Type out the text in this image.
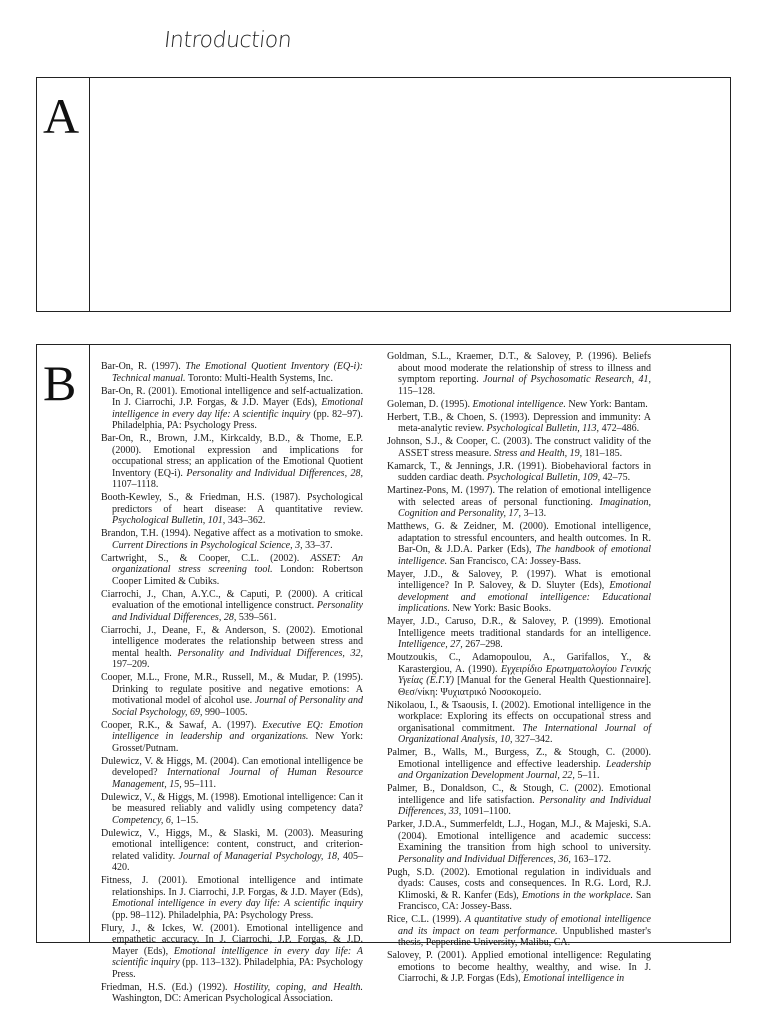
Introduction
A
B Bar-On, R. (1997). The Emotional Quotient Inventory (EQ-i): Technical manual. Toronto: Multi-Health Systems, Inc.
Bar-On, R. (2001). Emotional intelligence and self-actualization. In J. Ciarrochi, J.P. Forgas, & J.D. Mayer (Eds), Emotional intelligence in every day life: A scientific inquiry (pp. 82–97). Philadelphia, PA: Psychology Press.
Bar-On, R., Brown, J.M., Kirkcaldy, B.D., & Thome, E.P. (2000). Emotional expression and implications for occupational stress; an application of the Emotional Quotient Inventory (EQ-i). Personality and Individual Differences, 28, 1107–1118.
Booth-Kewley, S., & Friedman, H.S. (1987). Psychological predictors of heart disease: A quantitative review. Psychological Bulletin, 101, 343–362.
Brandon, T.H. (1994). Negative affect as a motivation to smoke. Current Directions in Psychological Science, 3, 33–37.
Cartwright, S., & Cooper, C.L. (2002). ASSET: An organizational stress screening tool. London: Robertson Cooper Limited & Cubiks.
Ciarrochi, J., Chan, A.Y.C., & Caputi, P. (2000). A critical evaluation of the emotional intelligence construct. Personality and Individual Differences, 28, 539–561.
Ciarrochi, J., Deane, F., & Anderson, S. (2002). Emotional intelligence moderates the relationship between stress and mental health. Personality and Individual Differences, 32, 197–209.
Cooper, M.L., Frone, M.R., Russell, M., & Mudar, P. (1995). Drinking to regulate positive and negative emotions: A motivational model of alcohol use. Journal of Personality and Social Psychology, 69, 990–1005.
Cooper, R.K., & Sawaf, A. (1997). Executive EQ: Emotion intelligence in leadership and organizations. New York: Grosset/Putnam.
Dulewicz, V. & Higgs, M. (2004). Can emotional intelligence be developed? International Journal of Human Resource Management, 15, 95–111.
Dulewicz, V., & Higgs, M. (1998). Emotional intelligence: Can it be measured reliably and validly using competency data? Competency, 6, 1–15.
Dulewicz, V., Higgs, M., & Slaski, M. (2003). Measuring emotional intelligence: content, construct, and criterion-related validity. Journal of Managerial Psychology, 18, 405–420.
Fitness, J. (2001). Emotional intelligence and intimate relationships. In J. Ciarrochi, J.P. Forgas, & J.D. Mayer (Eds), Emotional intelligence in every day life: A scientific inquiry (pp. 98–112). Philadelphia, PA: Psychology Press.
Flury, J., & Ickes, W. (2001). Emotional intelligence and empathetic accuracy. In J. Ciarrochi, J.P. Forgas, & J.D. Mayer (Eds), Emotional intelligence in every day life: A scientific inquiry (pp. 113–132). Philadelphia, PA: Psychology Press.
Friedman, H.S. (Ed.) (1992). Hostility, coping, and Health. Washington, DC: American Psychological Association.
Goldman, S.L., Kraemer, D.T., & Salovey, P. (1996). Beliefs about mood moderate the relationship of stress to illness and symptom reporting. Journal of Psychosomatic Research, 41, 115–128.
Goleman, D. (1995). Emotional intelligence. New York: Bantam.
Herbert, T.B., & Choen, S. (1993). Depression and immunity: A meta-analytic review. Psychological Bulletin, 113, 472–486.
Johnson, S.J., & Cooper, C. (2003). The construct validity of the ASSET stress measure. Stress and Health, 19, 181–185.
Kamarck, T., & Jennings, J.R. (1991). Biobehavioral factors in sudden cardiac death. Psychological Bulletin, 109, 42–75.
Martinez-Pons, M. (1997). The relation of emotional intelligence with selected areas of personal functioning. Imagination, Cognition and Personality, 17, 3–13.
Matthews, G. & Zeidner, M. (2000). Emotional intelligence, adaptation to stressful encounters, and health outcomes. In R. Bar-On, & J.D.A. Parker (Eds), The handbook of emotional intelligence. San Francisco, CA: Jossey-Bass.
Mayer, J.D., & Salovey, P. (1997). What is emotional intelligence? In P. Salovey, & D. Sluyter (Eds), Emotional development and emotional intelligence: Educational implications. New York: Basic Books.
Mayer, J.D., Caruso, D.R., & Salovey, P. (1999). Emotional Intelligence meets traditional standards for an intelligence. Intelligence, 27, 267–298.
Moutzoukis, C., Adamopoulou, A., Garifallos, Y., & Karastergiou, A. (1990). Εγχειρίδιο Ερωτηματολογίου Γενικής Υγείας (Ε.Γ.Υ) [Manual for the General Health Questionnaire]. Θεσ/νίκη: Ψυχιατρικό Νοσοκομείο.
Nikolaou, I., & Tsaousis, I. (2002). Emotional intelligence in the workplace: Exploring its effects on occupational stress and organisational commitment. The International Journal of Organizational Analysis, 10, 327–342.
Palmer, B., Walls, M., Burgess, Z., & Stough, C. (2000). Emotional intelligence and effective leadership. Leadership and Organization Development Journal, 22, 5–11.
Palmer, B., Donaldson, C., & Stough, C. (2002). Emotional intelligence and life satisfaction. Personality and Individual Differences, 33, 1091–1100.
Parker, J.D.A., Summerfeldt, L.J., Hogan, M.J., & Majeski, S.A. (2004). Emotional intelligence and academic success: Examining the transition from high school to university. Personality and Individual Differences, 36, 163–172.
Pugh, S.D. (2002). Emotional regulation in individuals and dyads: Causes, costs and consequences. In R.G. Lord, R.J. Klimoski, & R. Kanfer (Eds), Emotions in the workplace. San Francisco, CA: Jossey-Bass.
Rice, C.L. (1999). A quantitative study of emotional intelligence and its impact on team performance. Unpublished master's thesis, Pepperdine University, Malibu, CA.
Salovey, P. (2001). Applied emotional intelligence: Regulating emotions to become healthy, wealthy, and wise. In J. Ciarrochi, & J.P. Forgas (Eds), Emotional intelligence in
